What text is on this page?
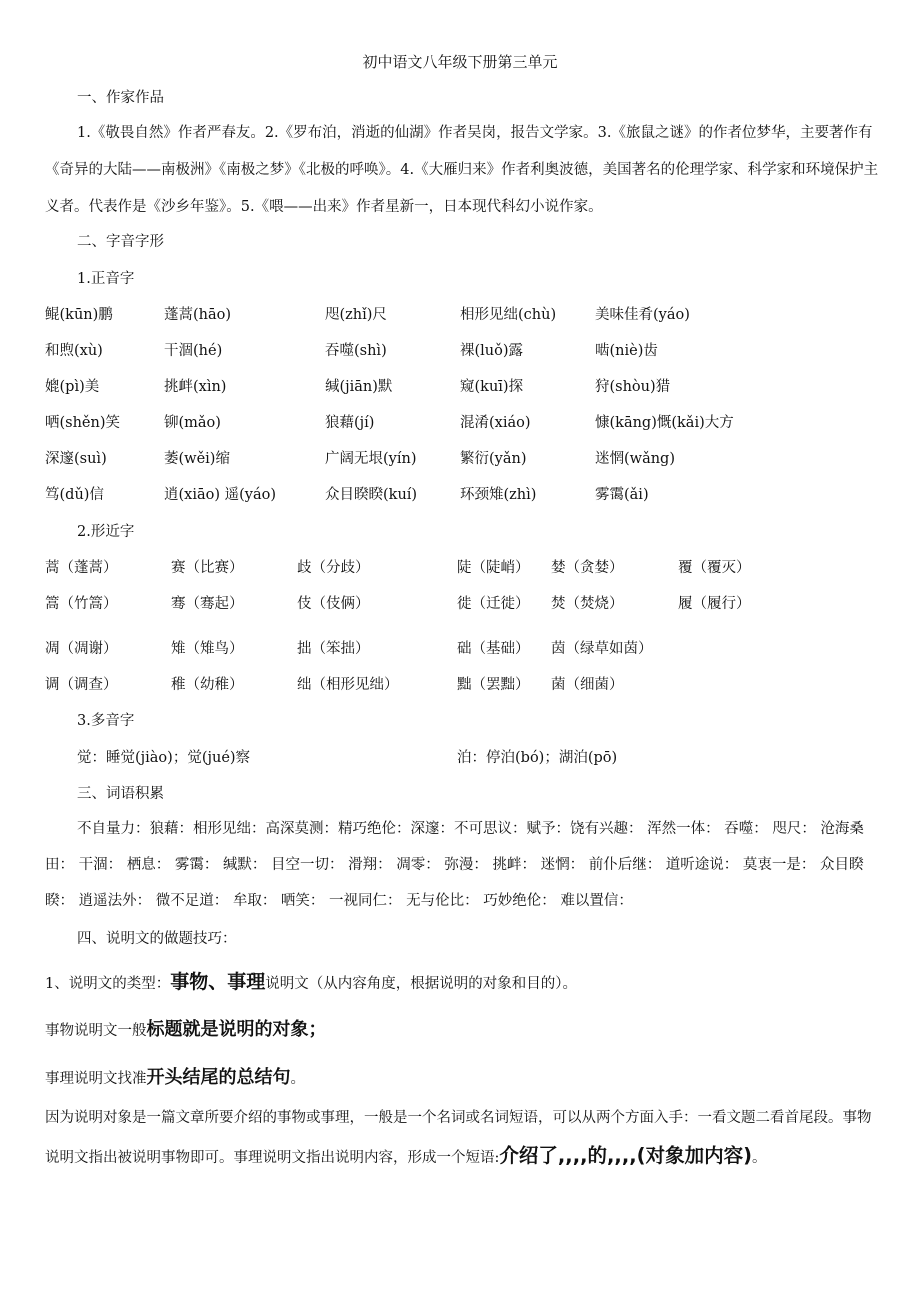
初中语文八年级下册第三单元
一、作家作品
1.《敬畏自然》作者严春友。2.《罗布泊，消逝的仙湖》作者吴岗，报告文学家。3.《旅鼠之谜》的作者位梦华，主要著作有《奇异的大陆——南极洲》《南极之梦》《北极的呼唤》。4.《大雁归来》作者利奥波德，美国著名的伦理学家、科学家和环境保护主义者。代表作是《沙乡年鉴》。5.《喂——出来》作者星新一，日本现代科幻小说作家。
二、字音字形
1.正音字
鲲(kūn)鹏	蓬蒿(hāo)	咫(zhǐ)尺	相形见绌(chù)	美味佳肴(yáo)
和煦(xù)	干涸(hé)	吞噬(shì)	裸(luǒ)露	啮(niè)齿
媲(pì)美	挑衅(xìn)	缄(jiān)默	窥(kuī)探	狩(shòu)猎
哂(shěn)笑	铆(mǎo)	狼藉(jí)	混淆(xiáo)	慷(kāng)慨(kǎi)大方
深邃(suì)	萎(wěi)缩	广阔无垠(yín)	繁衍(yǎn)	迷惘(wǎng)
笃(dǔ)信	逍(xiāo) 遥(yáo)	众目睽睽(kuí)	环颈雉(zhì)	雾霭(ǎi)
2.形近字
蒿（蓬蒿）	赛（比赛）	歧（分歧）	陡（陡峭） 婪（贪婪）	覆（覆灭）
篙（竹篙）	骞（骞起）	伎（伎俩）	徙（迁徙） 焚（焚烧）	履（履行）
凋（凋谢）	雉（雉鸟）	拙（笨拙）	础（基础） 茵（绿草如茵）
调（调查）	稚（幼稚）	绌（相形见绌）	黜（罢黜） 菌（细菌）
3.多音字
觉：睡觉(jiào)；觉(jué)察	泊：停泊(bó)；湖泊(pō)
三、词语积累
不自量力：狼藉：相形见绌：高深莫测：精巧绝伦：深邃：不可思议：赋予：饶有兴趣： 浑然一体： 吞噬： 咫尺： 沧海桑田： 干涸： 栖息： 雾霭： 缄默： 目空一切： 滑翔： 凋零： 弥漫： 挑衅： 迷惘： 前仆后继： 道听途说： 莫衷一是： 众目睽睽： 逍遥法外： 微不足道： 牟取： 哂笑： 一视同仁： 无与伦比： 巧妙绝伦： 难以置信：
四、说明文的做题技巧：
1、说明文的类型：事物、事理说明文（从内容角度，根据说明的对象和目的）。
事物说明文一般标题就是说明的对象；
事理说明文找准开头结尾的总结句。
因为说明对象是一篇文章所要介绍的事物或事理，一般是一个名词或名词短语，可以从两个方面入手：一看文题二看首尾段。事物说明文指出被说明事物即可。事理说明文指出说明内容，形成一个短语:介绍了,,,,的,,,,(对象加内容)。
